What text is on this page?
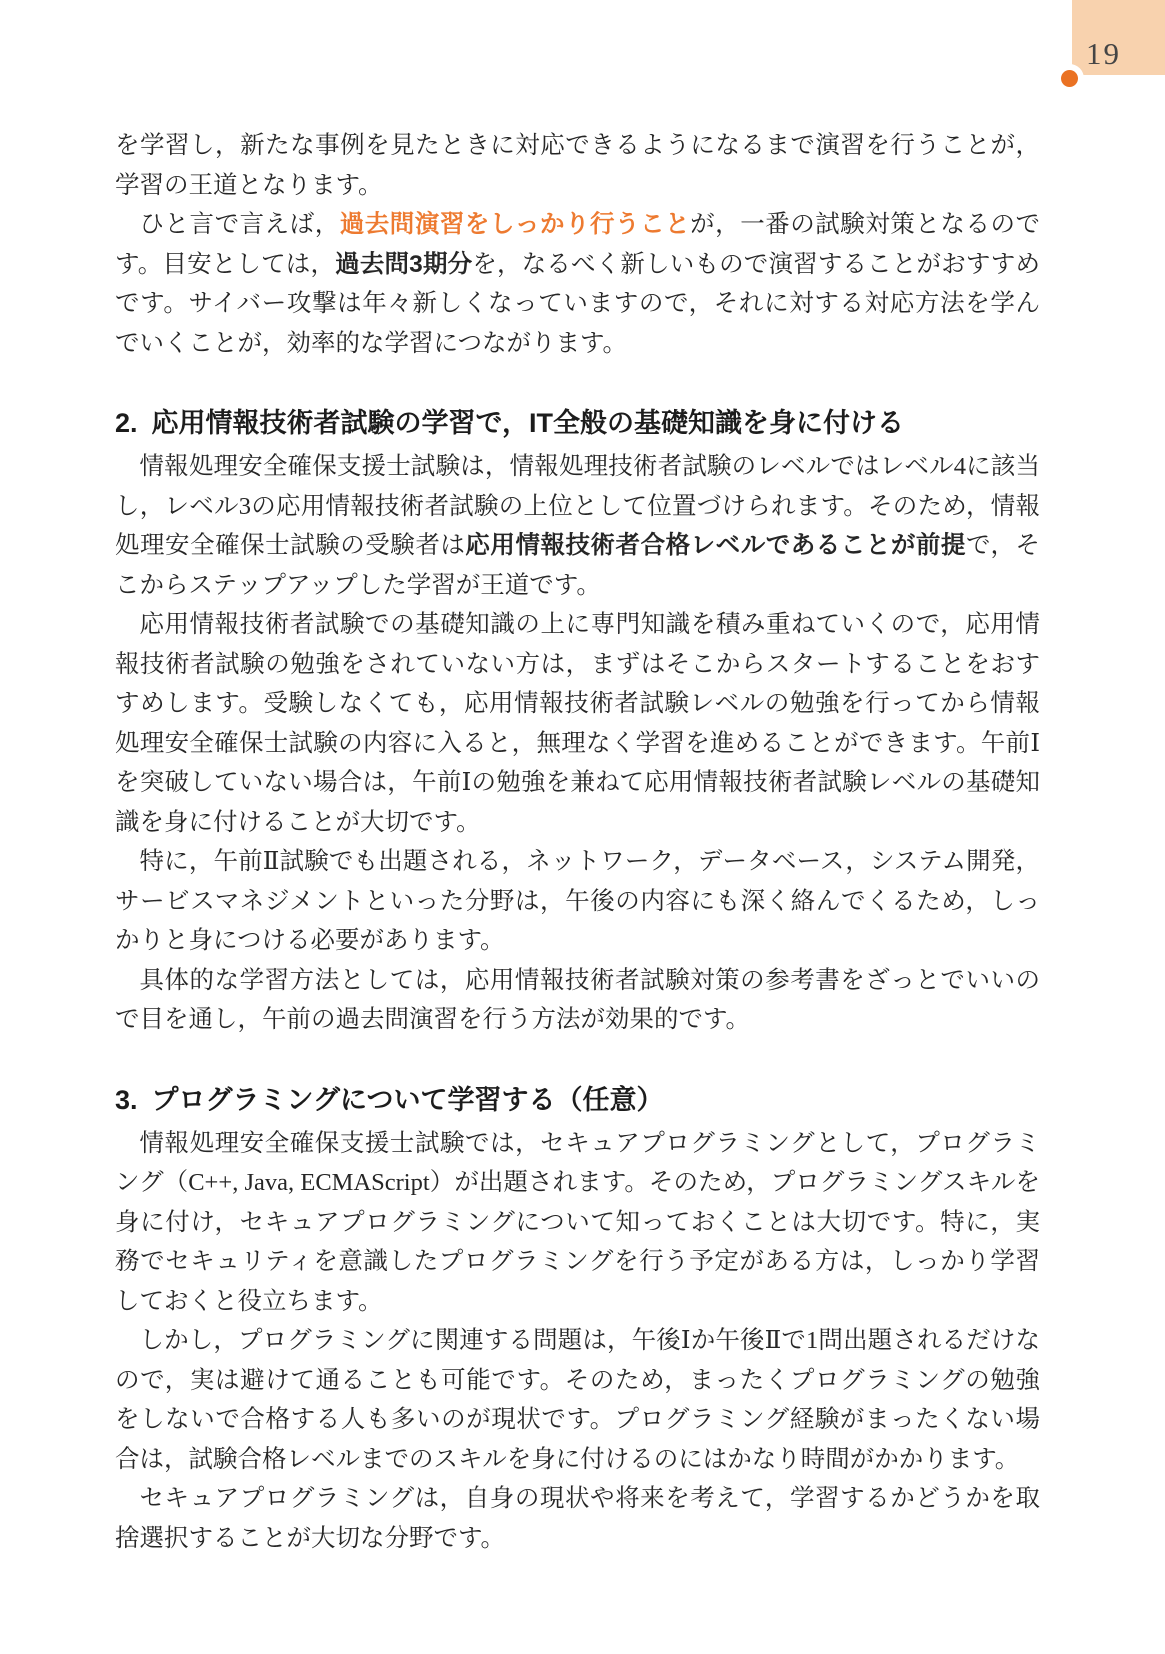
19

を学習し，新たな事例を見たときに対応できるようになるまで演習を行うことが，学習の王道となります。

ひと言で言えば，過去問演習をしっかり行うことが，一番の試験対策となるのです。目安としては，過去問3期分を，なるべく新しいもので演習することがおすすめです。サイバー攻撃は年々新しくなっていますので，それに対する対応方法を学んでいくことが，効率的な学習につながります。

2. 応用情報技術者試験の学習で，IT全般の基礎知識を身に付ける

情報処理安全確保支援士試験は，情報処理技術者試験のレベルではレベル4に該当し，レベル3の応用情報技術者試験の上位として位置づけられます。そのため，情報処理安全確保士試験の受験者は応用情報技術者合格レベルであることが前提で，そこからステップアップした学習が王道です。

応用情報技術者試験での基礎知識の上に専門知識を積み重ねていくので，応用情報技術者試験の勉強をされていない方は，まずはそこからスタートすることをおすすめします。受験しなくても，応用情報技術者試験レベルの勉強を行ってから情報処理安全確保士試験の内容に入ると，無理なく学習を進めることができます。午前Ⅰを突破していない場合は，午前Ⅰの勉強を兼ねて応用情報技術者試験レベルの基礎知識を身に付けることが大切です。

特に，午前Ⅱ試験でも出題される，ネットワーク，データベース，システム開発，サービスマネジメントといった分野は，午後の内容にも深く絡んでくるため，しっかりと身につける必要があります。

具体的な学習方法としては，応用情報技術者試験対策の参考書をざっとでいいので目を通し，午前の過去問演習を行う方法が効果的です。

3. プログラミングについて学習する（任意）

情報処理安全確保支援士試験では，セキュアプログラミングとして，プログラミング（C++, Java, ECMAScript）が出題されます。そのため，プログラミングスキルを身に付け，セキュアプログラミングについて知っておくことは大切です。特に，実務でセキュリティを意識したプログラミングを行う予定がある方は，しっかり学習しておくと役立ちます。

しかし，プログラミングに関連する問題は，午後Ⅰか午後Ⅱで1問出題されるだけなので，実は避けて通ることも可能です。そのため，まったくプログラミングの勉強をしないで合格する人も多いのが現状です。プログラミング経験がまったくない場合は，試験合格レベルまでのスキルを身に付けるのにはかなり時間がかかります。

セキュアプログラミングは，自身の現状や将来を考えて，学習するかどうかを取捨選択することが大切な分野です。
